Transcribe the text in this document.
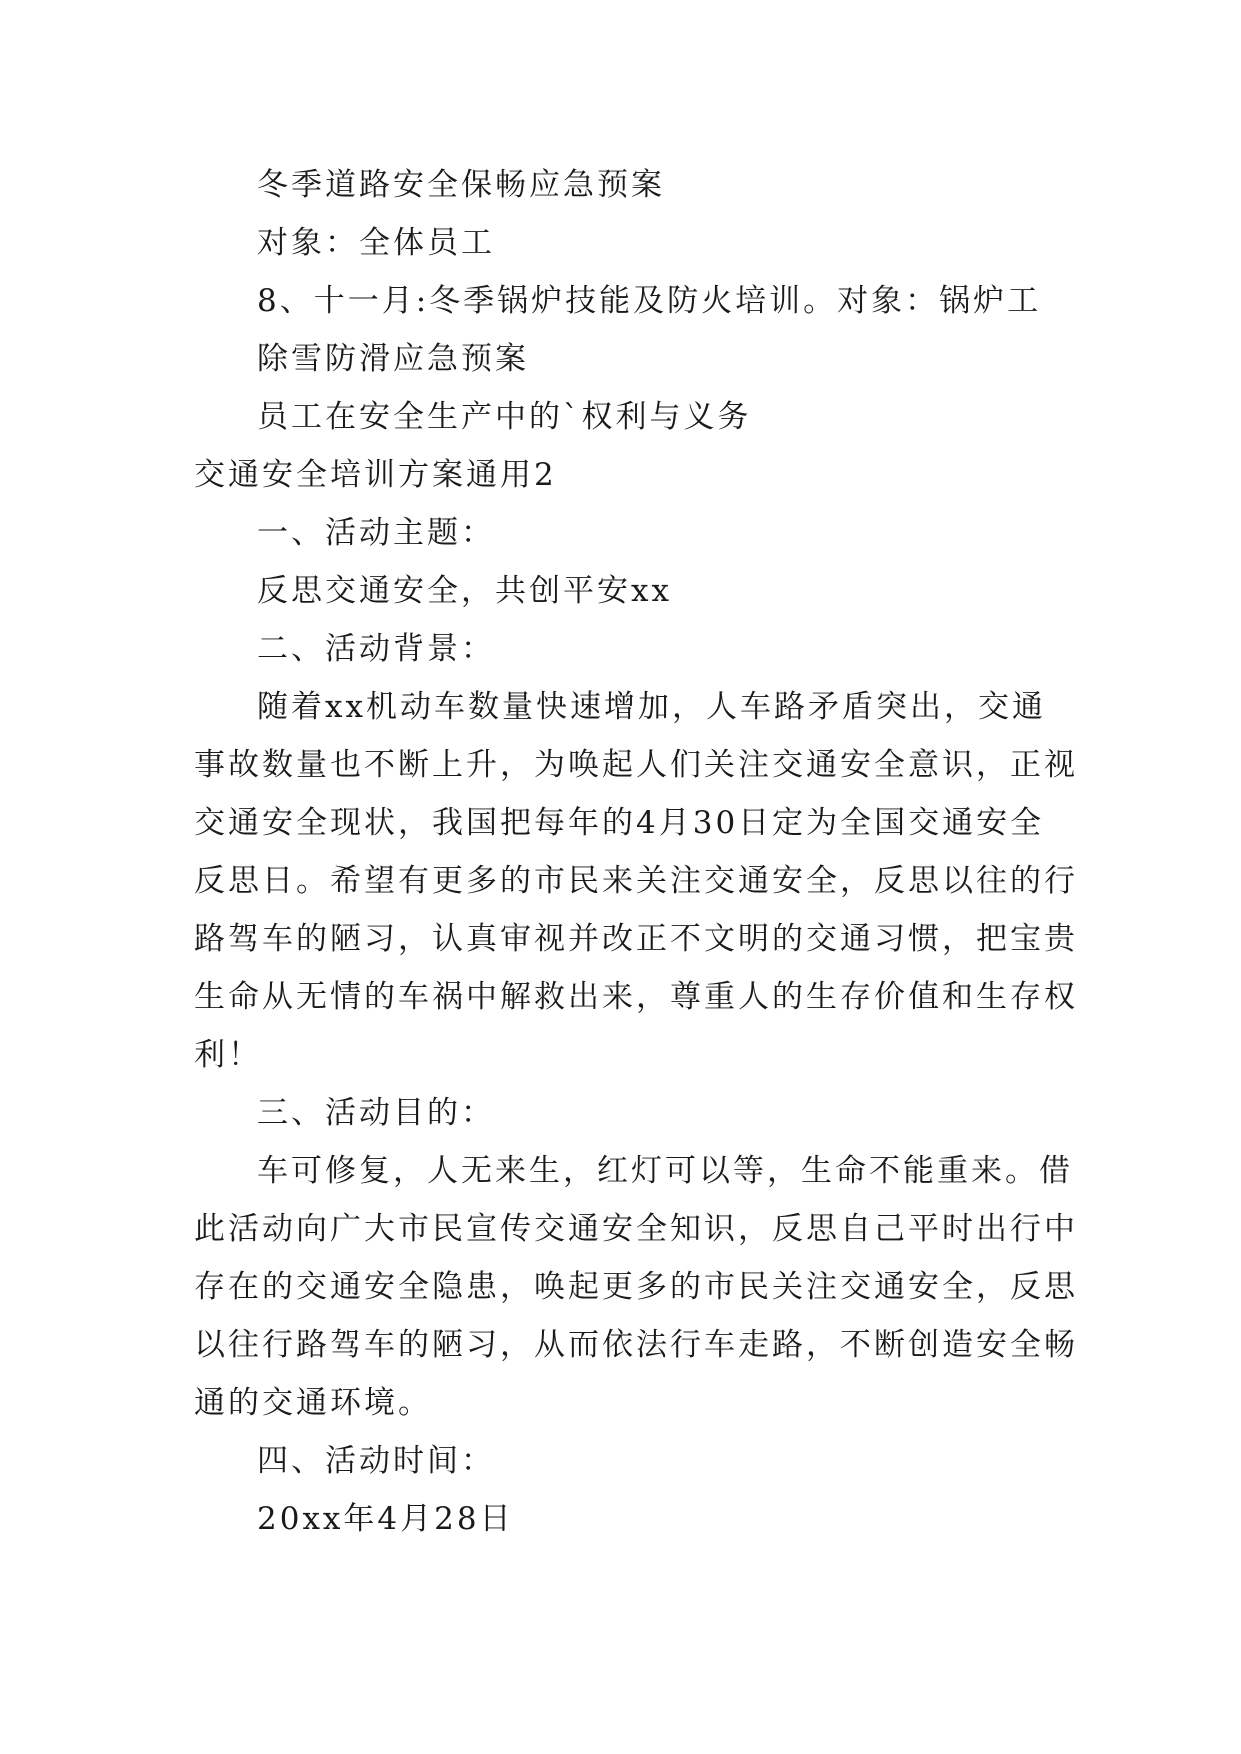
冬季道路安全保畅应急预案
对象：全体员工
8、十一月:冬季锅炉技能及防火培训。对象：锅炉工
除雪防滑应急预案
员工在安全生产中的`权利与义务
交通安全培训方案通用2
一、活动主题：
反思交通安全，共创平安xx
二、活动背景：
随着xx机动车数量快速增加，人车路矛盾突出，交通
事故数量也不断上升，为唤起人们关注交通安全意识，正视
交通安全现状，我国把每年的4月30日定为全国交通安全
反思日。希望有更多的市民来关注交通安全，反思以往的行
路驾车的陋习，认真审视并改正不文明的交通习惯，把宝贵
生命从无情的车祸中解救出来，尊重人的生存价值和生存权
利！
三、活动目的：
车可修复，人无来生，红灯可以等，生命不能重来。借
此活动向广大市民宣传交通安全知识，反思自己平时出行中
存在的交通安全隐患，唤起更多的市民关注交通安全，反思
以往行路驾车的陋习，从而依法行车走路，不断创造安全畅
通的交通环境。
四、活动时间：
20xx年4月28日
